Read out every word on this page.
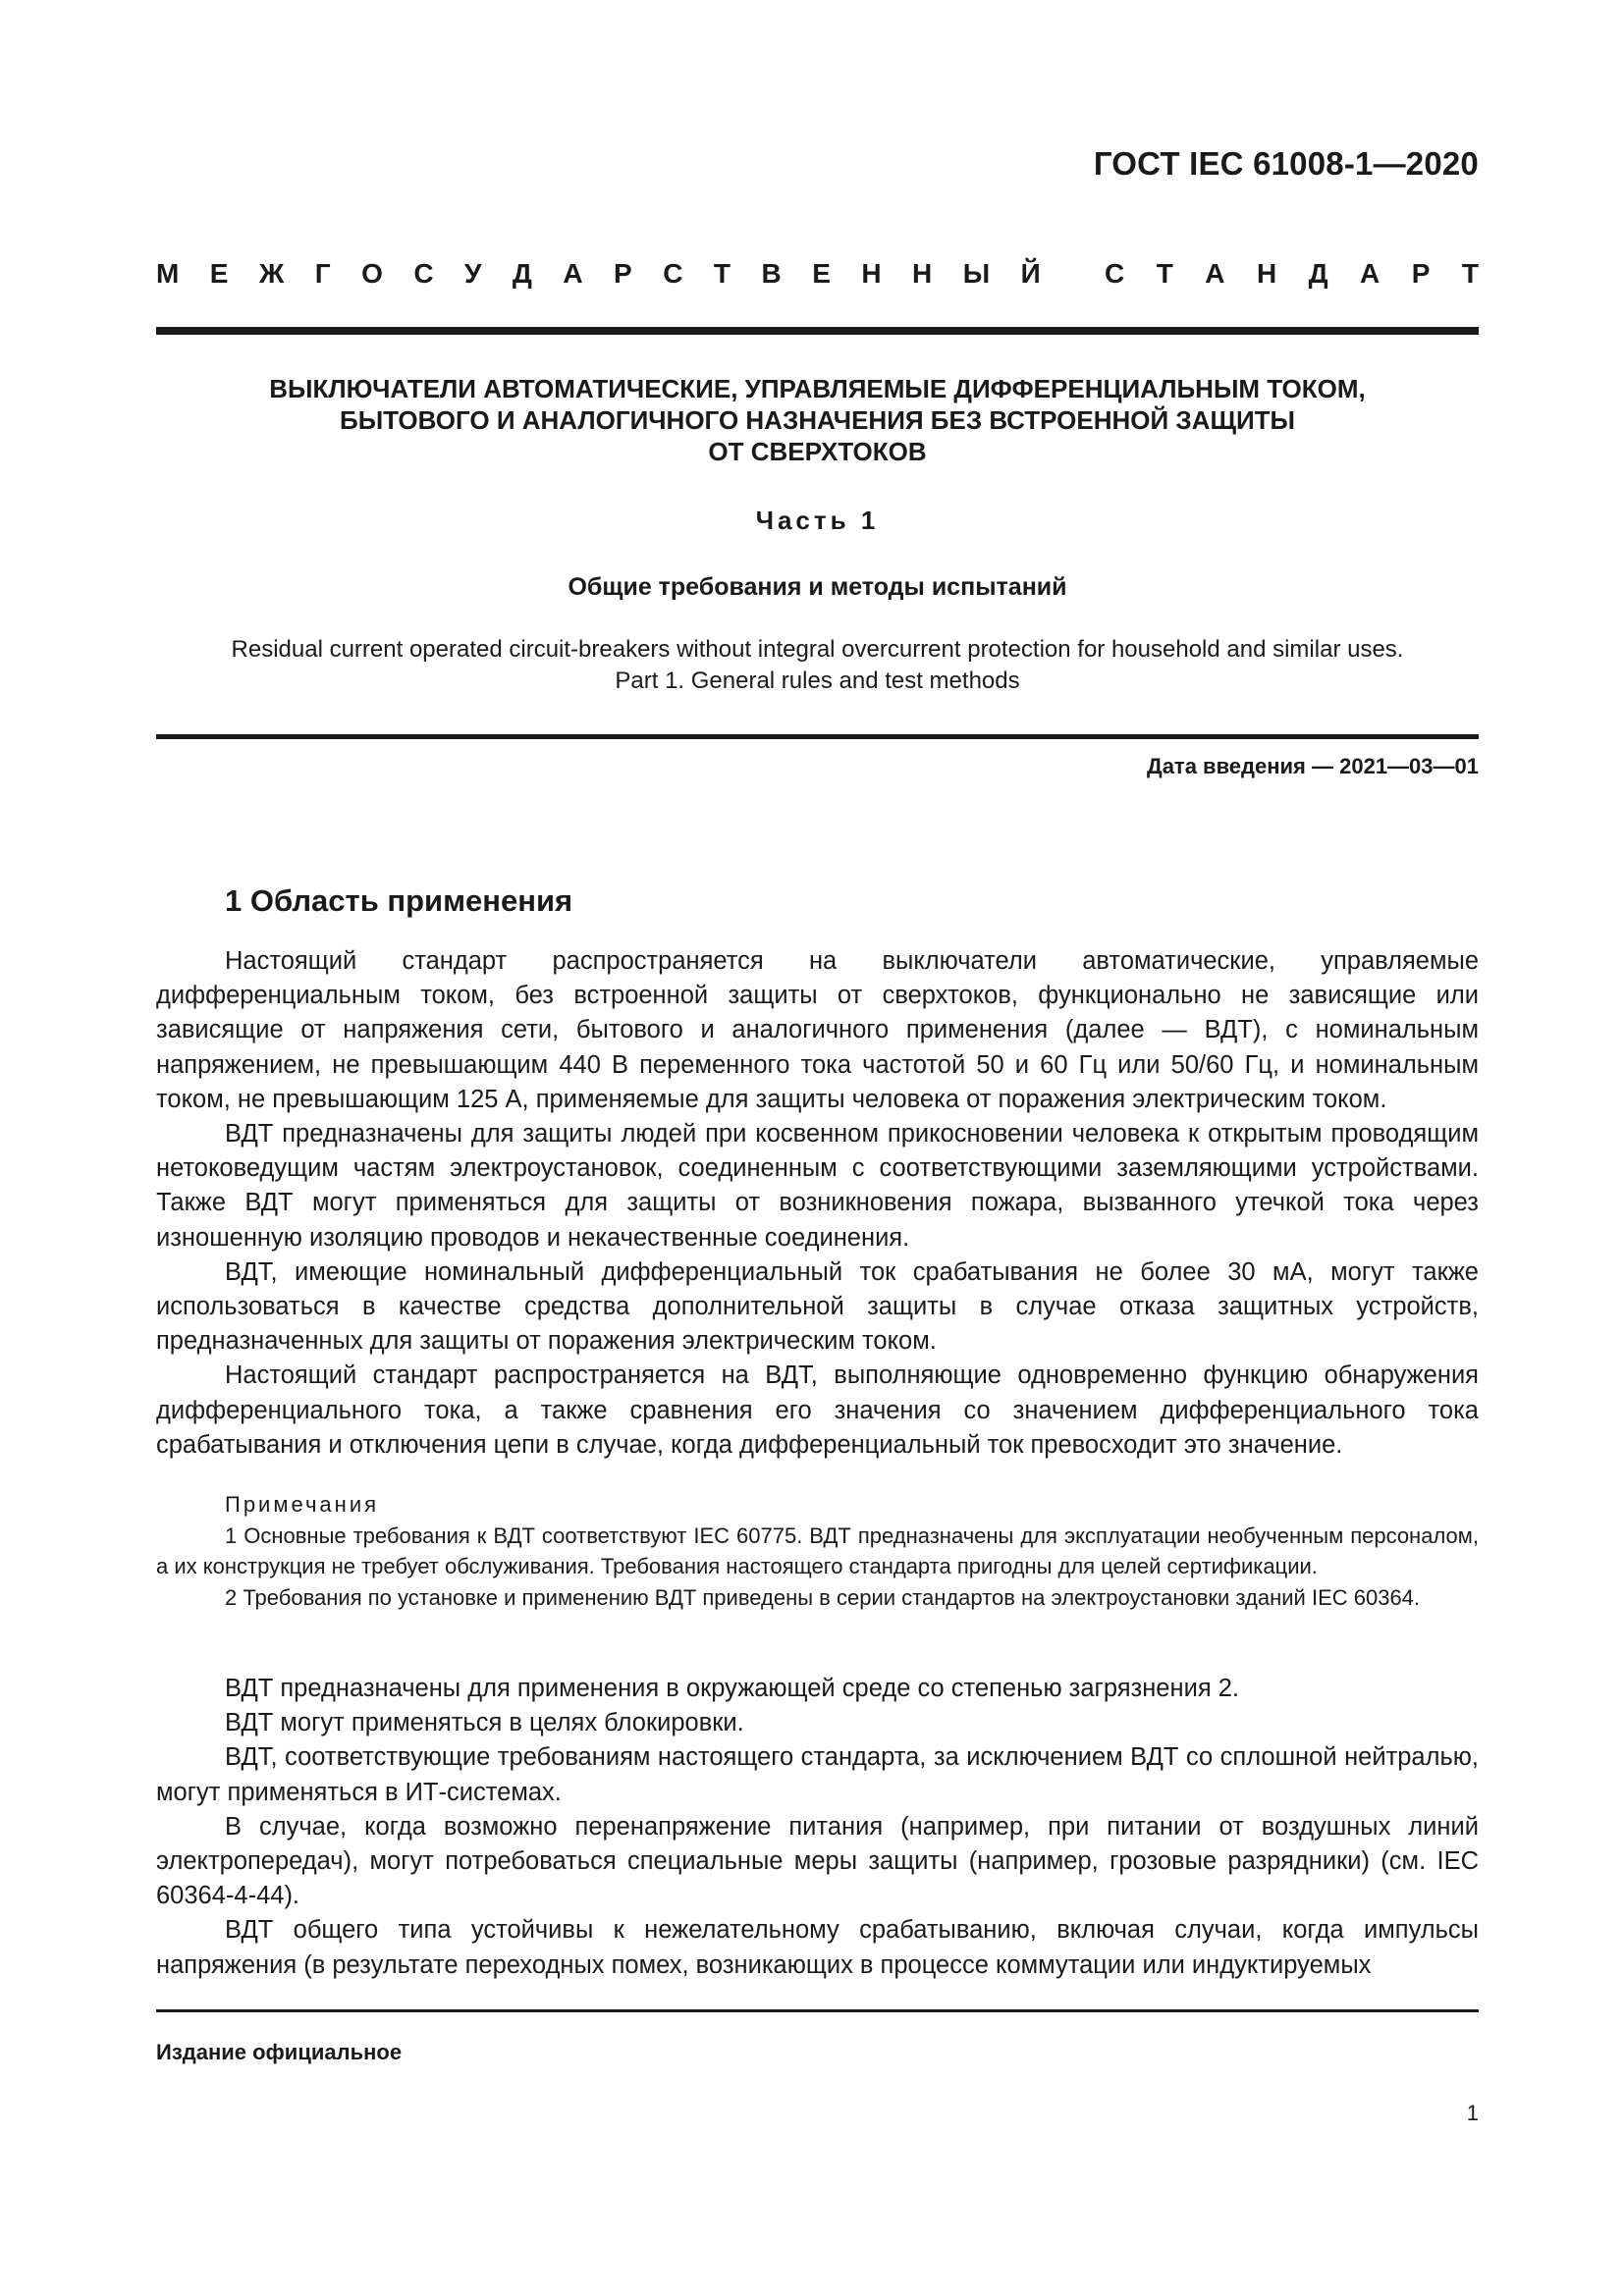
ГОСТ IEC 61008-1—2020
М Е Ж Г О С У Д А Р С Т В Е Н Н Ы Й С Т А Н Д А Р Т
ВЫКЛЮЧАТЕЛИ АВТОМАТИЧЕСКИЕ, УПРАВЛЯЕМЫЕ ДИФФЕРЕНЦИАЛЬНЫМ ТОКОМ,
БЫТОВОГО И АНАЛОГИЧНОГО НАЗНАЧЕНИЯ БЕЗ ВСТРОЕННОЙ ЗАЩИТЫ
ОТ СВЕРХТОКОВ
Часть 1
Общие требования и методы испытаний
Residual current operated circuit-breakers without integral overcurrent protection for household and similar uses.
Part 1. General rules and test methods
Дата введения — 2021—03—01
1 Область применения

Настоящий стандарт распространяется на выключатели автоматические, управляемые дифференциальным током, без встроенной защиты от сверхтоков, функционально не зависящие или зависящие от напряжения сети, бытового и аналогичного применения (далее — ВДТ), с номинальным напряжением, не превышающим 440 В переменного тока частотой 50 и 60 Гц или 50/60 Гц, и номинальным током, не превышающим 125 А, применяемые для защиты человека от поражения электрическим током.

ВДТ предназначены для защиты людей при косвенном прикосновении человека к открытым проводящим нетоковедущим частям электроустановок, соединенным с соответствующими заземляющими устройствами. Также ВДТ могут применяться для защиты от возникновения пожара, вызванного утечкой тока через изношенную изоляцию проводов и некачественные соединения.

ВДТ, имеющие номинальный дифференциальный ток срабатывания не более 30 мА, могут также использоваться в качестве средства дополнительной защиты в случае отказа защитных устройств, предназначенных для защиты от поражения электрическим током.

Настоящий стандарт распространяется на ВДТ, выполняющие одновременно функцию обнаружения дифференциального тока, а также сравнения его значения со значением дифференциального тока срабатывания и отключения цепи в случае, когда дифференциальный ток превосходит это значение.

Примечания

1 Основные требования к ВДТ соответствуют IEC 60775. ВДТ предназначены для эксплуатации необученным персоналом, а их конструкция не требует обслуживания. Требования настоящего стандарта пригодны для целей сертификации.

2 Требования по установке и применению ВДТ приведены в серии стандартов на электроустановки зданий IEC 60364.

ВДТ предназначены для применения в окружающей среде со степенью загрязнения 2.

ВДТ могут применяться в целях блокировки.

ВДТ, соответствующие требованиям настоящего стандарта, за исключением ВДТ со сплошной нейтралью, могут применяться в ИТ-системах.

В случае, когда возможно перенапряжение питания (например, при питании от воздушных линий электропередач), могут потребоваться специальные меры защиты (например, грозовые разрядники) (см. IEC 60364-4-44).

ВДТ общего типа устойчивы к нежелательному срабатыванию, включая случаи, когда импульсы напряжения (в результате переходных помех, возникающих в процессе коммутации или индуктируемых

Издание официальное
1
